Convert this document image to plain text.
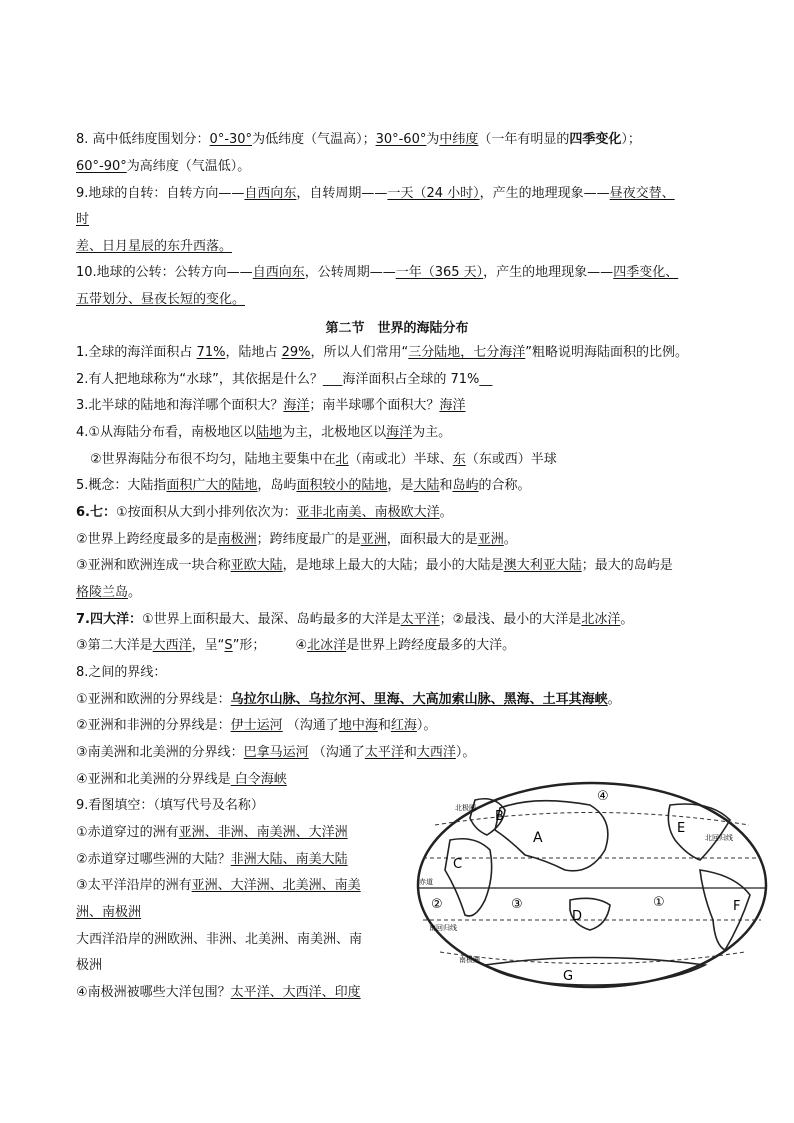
8. 高中低纬度围划分：0°-30°为低纬度（气温高）；30°-60°为中纬度（一年有明显的四季变化）；
60°-90°为高纬度（气温低）。
9.地球的自转：自转方向——自西向东，自转周期——一天（24 小时），产生的地理现象——昼夜交替、
时
差、日月星辰的东升西落。
10.地球的公转：公转方向——自西向东，公转周期——一年（365 天），产生的地理现象——四季变化、
五带划分、昼夜长短的变化。
第二节　世界的海陆分布
1.全球的海洋面积占 71%，陆地占 29%，所以人们常用“三分陆地，七分海洋”粗略说明海陆面积的比例。
2.有人把地球称为“水球”，其依据是什么？___海洋面积占全球的 71%__
3.北半球的陆地和海洋哪个面积大？海洋；南半球哪个面积大？海洋
4.①从海陆分布看，南极地区以陆地为主，北极地区以海洋为主。
②世界海陆分布很不均匀，陆地主要集中在北（南或北）半球、东（东或西）半球
5.概念：大陆指面积广大的陆地，岛屿面积较小的陆地，是大陆和岛屿的合称。
6.七：①按面积从大到小排列依次为：亚非北南美、南极欧大洋。
②世界上跨经度最多的是南极洲；跨纬度最广的是亚洲，面积最大的是亚洲。
③亚洲和欧洲连成一块合称亚欧大陆，是地球上最大的大陆；最小的大陆是澳大利亚大陆；最大的岛屿是
格陵兰岛。
7.四大洋：①世界上面积最大、最深、岛屿最多的大洋是太平洋；②最浅、最小的大洋是北冰洋。
③第二大洋是大西洋，呈“S”形； ④北冰洋是世界上跨经度最多的大洋。
8.之间的界线：
①亚洲和欧洲的分界线是：乌拉尔山脉、乌拉尔河、里海、大高加索山脉、黑海、土耳其海峡。
②亚洲和非洲的分界线是：伊士运河 （沟通了地中海和红海）。
③南美洲和北美洲的分界线：巴拿马运河 （沟通了太平洋和大西洋）。
④亚洲和北美洲的分界线是 白令海峡
9.看图填空：（填写代号及名称）
①赤道穿过的洲有亚洲、非洲、南美洲、大洋洲
②赤道穿过哪些洲的大陆？非洲大陆、南美大陆
③太平洋沿岸的洲有亚洲、大洋洲、北美洲、南美
洲、南极洲
大西洋沿岸的洲欧洲、非洲、北美洲、南美洲、南
极洲
④南极洲被哪些大洋包围？太平洋、大西洋、印度
A
B
C
D
E
F
G
①
②	③
④
北回归线
南回归线
赤道
北极圈
南极圈
